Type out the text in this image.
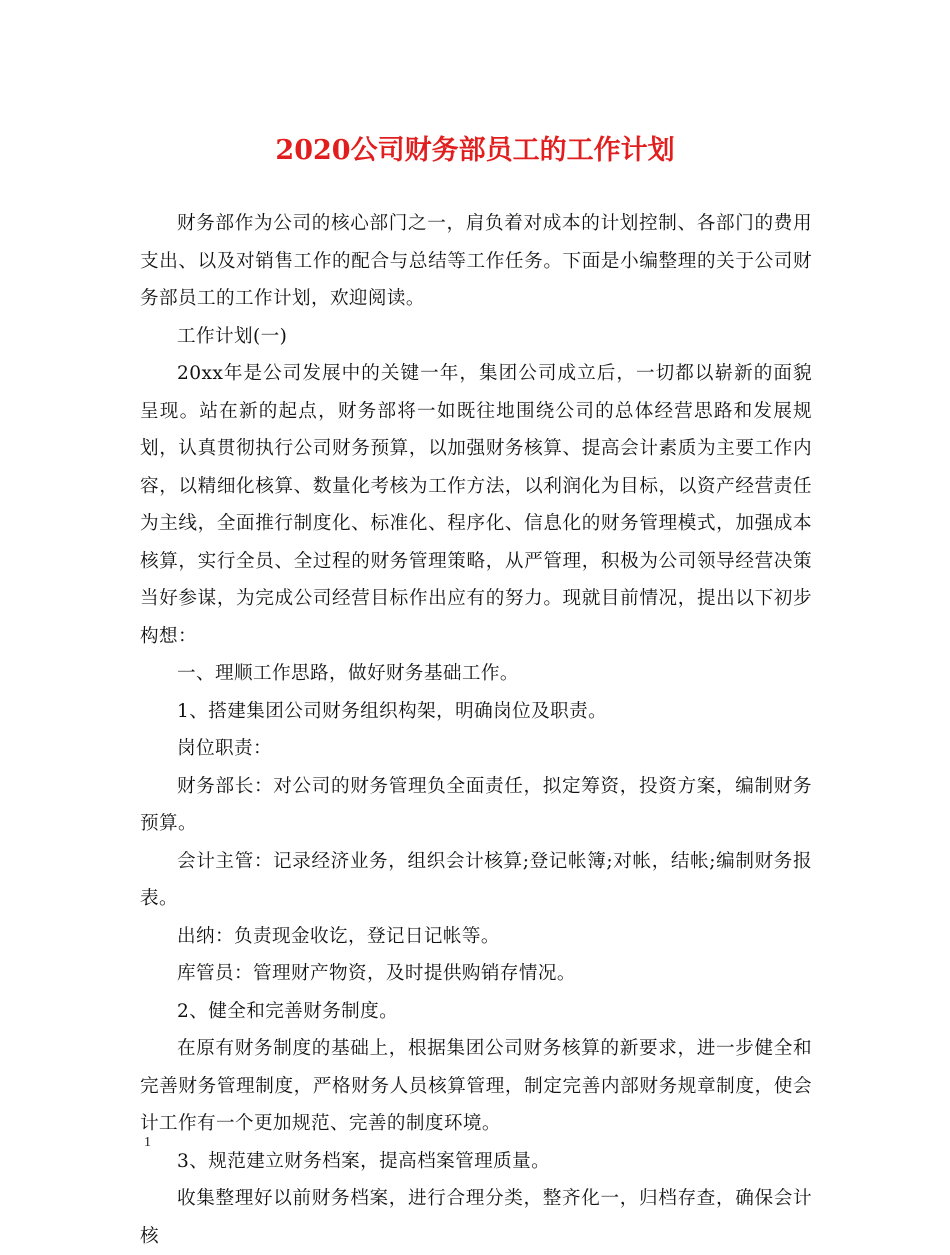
2020公司财务部员工的工作计划

财务部作为公司的核心部门之一，肩负着对成本的计划控制、各部门的费用支出、以及对销售工作的配合与总结等工作任务。下面是小编整理的关于公司财务部员工的工作计划，欢迎阅读。

工作计划(一)

20xx年是公司发展中的关键一年，集团公司成立后，一切都以崭新的面貌呈现。站在新的起点，财务部将一如既往地围绕公司的总体经营思路和发展规划，认真贯彻执行公司财务预算，以加强财务核算、提高会计素质为主要工作内容，以精细化核算、数量化考核为工作方法，以利润化为目标，以资产经营责任为主线，全面推行制度化、标准化、程序化、信息化的财务管理模式，加强成本核算，实行全员、全过程的财务管理策略，从严管理，积极为公司领导经营决策当好参谋，为完成公司经营目标作出应有的努力。现就目前情况，提出以下初步构想：

一、理顺工作思路，做好财务基础工作。

1、搭建集团公司财务组织构架，明确岗位及职责。

岗位职责：

财务部长：对公司的财务管理负全面责任，拟定筹资，投资方案，编制财务预算。

会计主管：记录经济业务，组织会计核算;登记帐簿;对帐，结帐;编制财务报表。

出纳：负责现金收讫，登记日记帐等。

库管员：管理财产物资，及时提供购销存情况。

2、健全和完善财务制度。

在原有财务制度的基础上，根据集团公司财务核算的新要求，进一步健全和完善财务管理制度，严格财务人员核算管理，制定完善内部财务规章制度，使会计工作有一个更加规范、完善的制度环境。

3、规范建立财务档案，提高档案管理质量。

收集整理好以前财务档案，进行合理分类，整齐化一，归档存查，确保会计核

1
